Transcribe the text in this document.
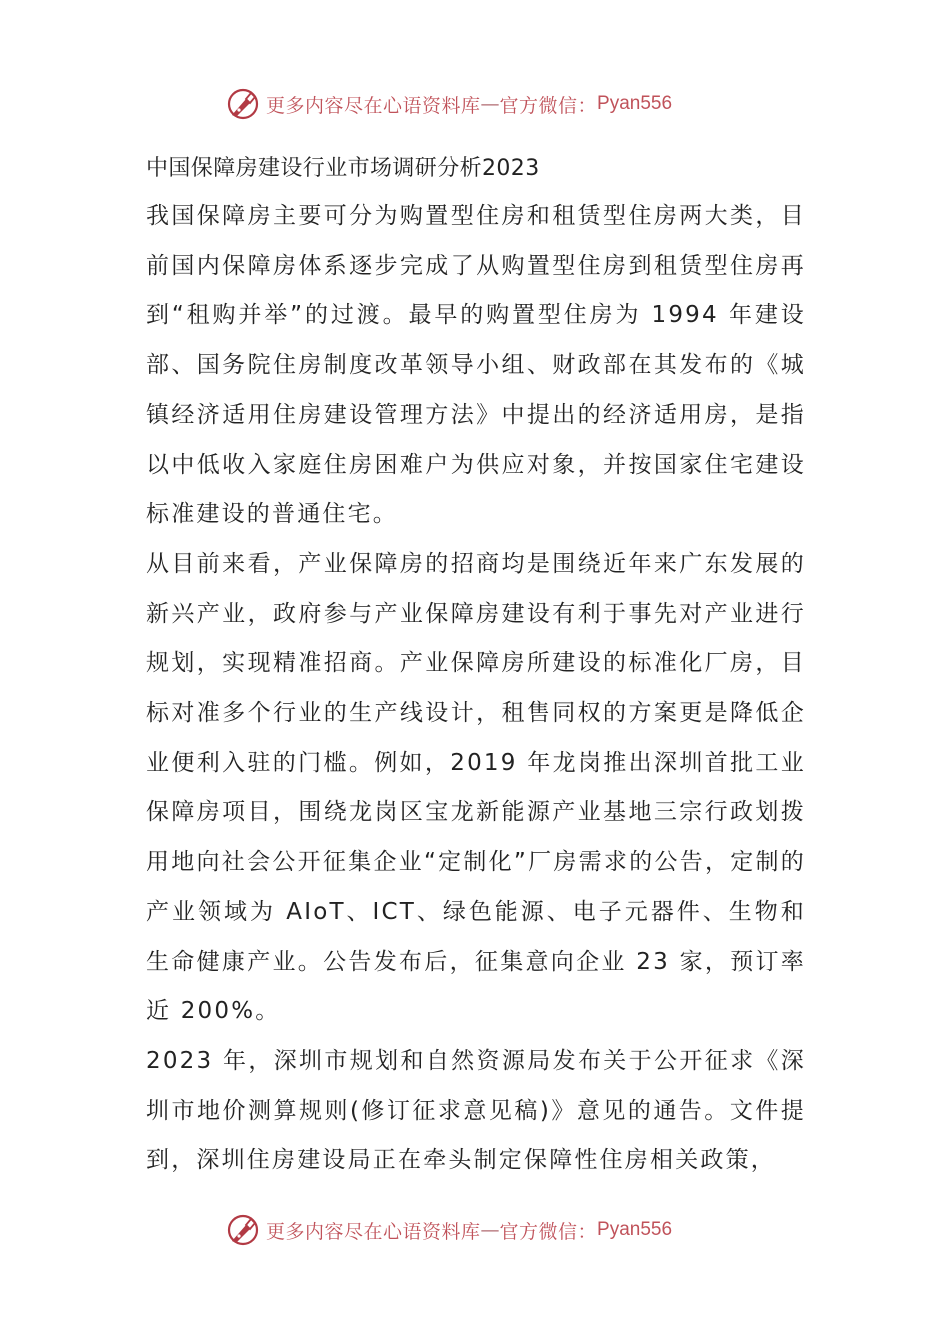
更多内容尽在心语资料库 — 官方微信： Pyan556
中国保障房建设行业市场调研分析2023

我国保障房主要可分为购置型住房和租赁型住房两大类，目前国内保障房体系逐步完成了从购置型住房到租赁型住房再到“租购并举”的过渡。最早的购置型住房为 1994 年建设部、国务院住房制度改革领导小组、财政部在其发布的《城镇经济适用住房建设管理方法》中提出的经济适用房，是指以中低收入家庭住房困难户为供应对象，并按国家住宅建设标准建设的普通住宅。

从目前来看，产业保障房的招商均是围绕近年来广东发展的新兴产业，政府参与产业保障房建设有利于事先对产业进行规划，实现精准招商。产业保障房所建设的标准化厂房，目标对准多个行业的生产线设计，租售同权的方案更是降低企业便利入驻的门槛。例如，2019 年龙岗推出深圳首批工业保障房项目，围绕龙岗区宝龙新能源产业基地三宗行政划拨用地向社会公开征集企业“定制化”厂房需求的公告，定制的产业领域为 AIoT、ICT、绿色能源、电子元器件、生物和生命健康产业。公告发布后，征集意向企业 23 家，预订率近 200%。

2023 年，深圳市规划和自然资源局发布关于公开征求《深圳市地价测算规则(修订征求意见稿)》意见的通告。文件提到，深圳住房建设局正在牵头制定保障性住房相关政策，

更多内容尽在心语资料库 — 官方微信： Pyan556
